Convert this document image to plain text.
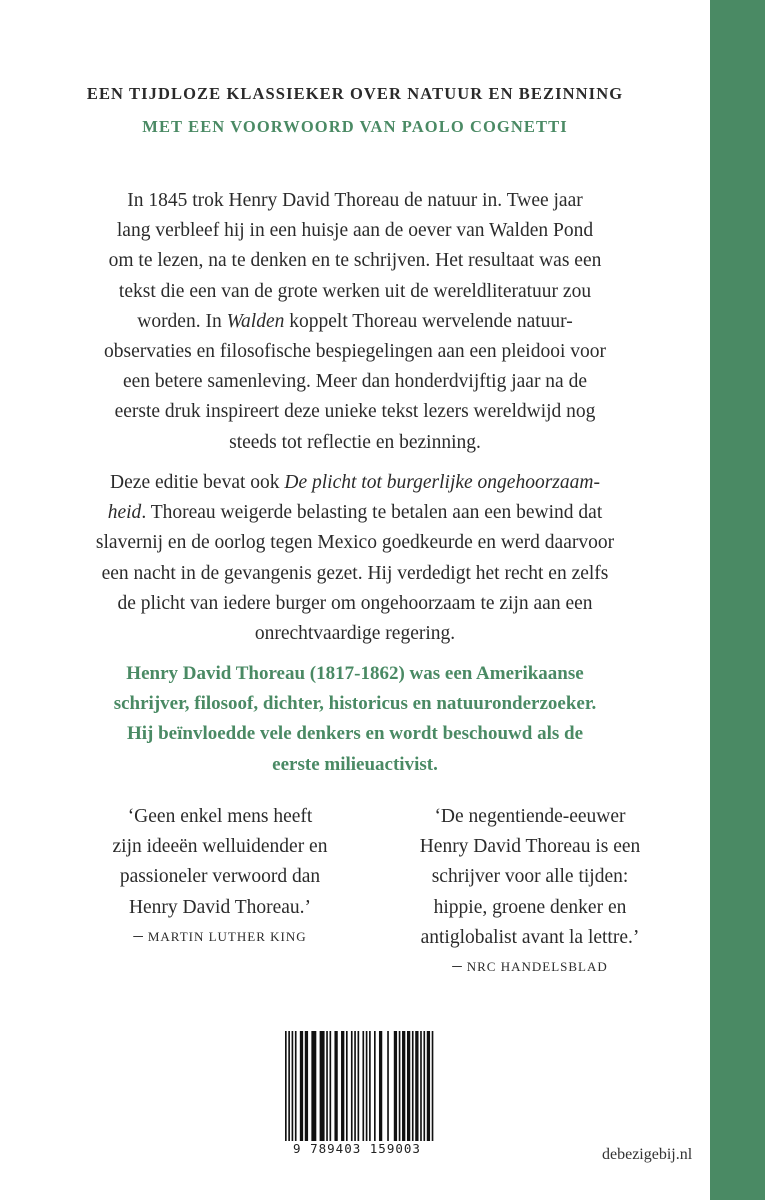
EEN TIJDLOZE KLASSIEKER OVER NATUUR EN BEZINNING
MET EEN VOORWOORD VAN PAOLO COGNETTI

In 1845 trok Henry David Thoreau de natuur in. Twee jaar
lang verbleef hij in een huisje aan de oever van Walden Pond
om te lezen, na te denken en te schrijven. Het resultaat was een
tekst die een van de grote werken uit de wereldliteratuur zou
worden. In Walden koppelt Thoreau wervelende natuur-
observaties en filosofische bespiegelingen aan een pleidooi voor
een betere samenleving. Meer dan honderdvijftig jaar na de
eerste druk inspireert deze unieke tekst lezers wereldwijd nog
steeds tot reflectie en bezinning.

Deze editie bevat ook De plicht tot burgerlijke ongehoorzaam-
heid. Thoreau weigerde belasting te betalen aan een bewind dat
slavernij en de oorlog tegen Mexico goedkeurde en werd daarvoor
een nacht in de gevangenis gezet. Hij verdedigt het recht en zelfs
de plicht van iedere burger om ongehoorzaam te zijn aan een
onrechtvaardige regering.

Henry David Thoreau (1817-1862) was een Amerikaanse
schrijver, filosoof, dichter, historicus en natuuronderzoeker.
Hij beïnvloedde vele denkers en wordt beschouwd als de
eerste milieuactivist.

‘Geen enkel mens heeft
zijn ideeën welluidender en
passioneler verwoord dan
Henry David Thoreau.’
– MARTIN LUTHER KING
‘De negentiende-eeuwer
Henry David Thoreau is een
schrijver voor alle tijden:
hippie, groene denker en
antiglobalist avant la lettre.’
– NRC HANDELSBLAD
9 789403 159003	debezigebij.nl
